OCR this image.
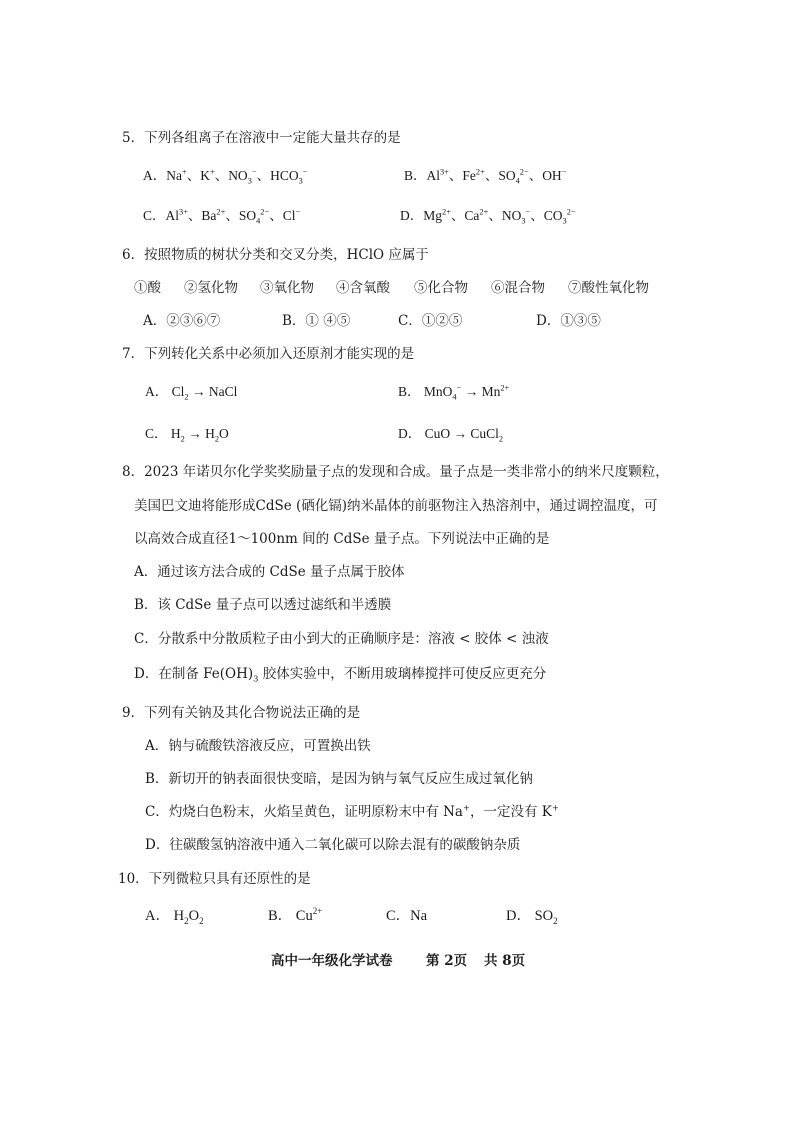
5．下列各组离子在溶液中一定能大量共存的是
A．Na+、K+、$NO_3^-$、$HCO_3^-$	B．$Al^{3+}$、$Fe^{2+}$、$SO_4^{2-}$、OH−
C．$Al^{3+}$、$Ba^{2+}$、$SO_4^{2-}$、Cl−	D．$Mg^{2+}$、$Ca^{2+}$、$NO_3^-$、$CO_3^{2-}$
6．按照物质的树状分类和交叉分类，HClO 应属于
①酸 ②氢化物 ③氧化物 ④含氧酸 ⑤化合物 ⑥混合物 ⑦酸性氧化物
A．②③⑥⑦	B．① ④⑤	C．①②⑤	D．①③⑤
7．下列转化关系中必须加入还原剂才能实现的是
A． $Cl_2$ → NaCl	B． $MnO_4^- \to Mn^{2+}$
C． $H_2 \to H_2O$	D． CuO → CuCl$_2$
8．2023 年诺贝尔化学奖奖励量子点的发现和合成。量子点是一类非常小的纳米尺度颗粒，
美国巴文迪将能形成CdSe (硒化镉)纳米晶体的前驱物注入热溶剂中，通过调控温度，可
以高效合成直径1～100nm 间的 CdSe 量子点。下列说法中正确的是
A．通过该方法合成的 CdSe 量子点属于胶体
B．该 CdSe 量子点可以透过滤纸和半透膜
C．分散系中分散质粒子由小到大的正确顺序是：溶液 < 胶体 < 浊液
D．在制备 $Fe(OH)_3$ 胶体实验中，不断用玻璃棒搅拌可使反应更充分
9．下列有关钠及其化合物说法正确的是
A．钠与硫酸铁溶液反应，可置换出铁
B．新切开的钠表面很快变暗，是因为钠与氧气反应生成过氧化钠
C．灼烧白色粉末，火焰呈黄色，证明原粉末中有 Na+，一定没有 K+
D．往碳酸氢钠溶液中通入二氧化碳可以除去混有的碳酸钠杂质
10．下列微粒只具有还原性的是
A． $H_2O_2$	B． $Cu^{2+}$	C．Na	D． $SO_2$
高中一年级化学试卷 第 2页 共 8页
